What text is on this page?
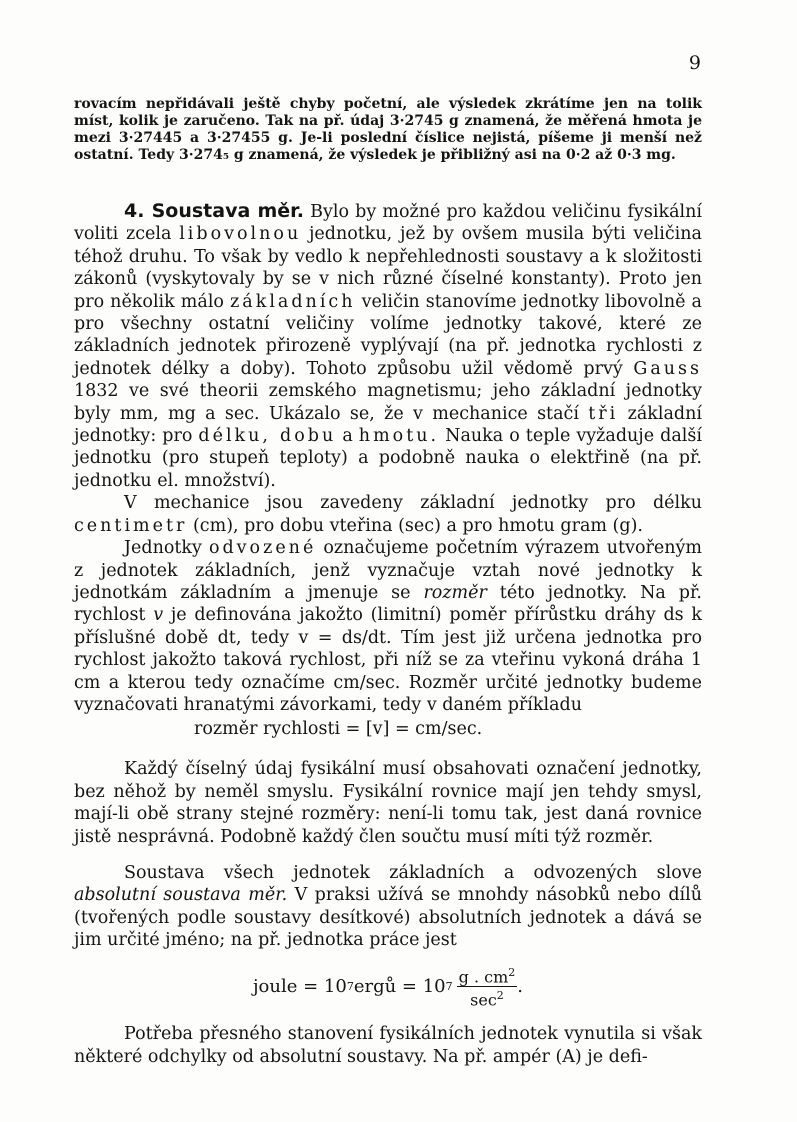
9

rovacím nepřidávali ještě chyby početní, ale výsledek zkrátíme jen na tolik míst, kolik je zaručeno. Tak na př. údaj 3·2745 g znamená, že měřená hmota je mezi 3·27445 a 3·27455 g. Je-li poslední číslice nejistá, píšeme ji menší než ostatní. Tedy 3·274₅ g znamená, že výsledek je přibližný asi na 0·2 až 0·3 mg.

4. Soustava měr. Bylo by možné pro každou veličinu fysikální voliti zcela libovolnou jednotku, jež by ovšem musila býti veličina téhož druhu. To však by vedlo k nepřehlednosti soustavy a k složitosti zákonů (vyskytovaly by se v nich různé číselné konstanty). Proto jen pro několik málo základních veličin stanovíme jednotky libovolně a pro všechny ostatní veličiny volíme jednotky takové, které ze základních jednotek přirozeně vyplývají (na př. jednotka rychlosti z jednotek délky a doby). Tohoto způsobu užil vědomě prvý Gauss 1832 ve své theorii zemského magnetismu; jeho základní jednotky byly mm, mg a sec. Ukázalo se, že v mechanice stačí tři základní jednotky: pro délku, dobu a hmotu. Nauka o teple vyžaduje další jednotku (pro stupeň teploty) a podobně nauka o elektřině (na př. jednotku el. množství).

V mechanice jsou zavedeny základní jednotky pro délku centimetr (cm), pro dobu vteřina (sec) a pro hmotu gram (g).

Jednotky odvozené označujeme početním výrazem utvořeným z jednotek základních, jenž vyznačuje vztah nové jednotky k jednotkám základním a jmenuje se rozměr této jednotky. Na př. rychlost v je definována jakožto (limitní) poměr přírůstku dráhy ds k příslušné době dt, tedy v = ds/dt. Tím jest již určena jednotka pro rychlost jakožto taková rychlost, při níž se za vteřinu vykoná dráha 1 cm a kterou tedy označíme cm/sec. Rozměr určité jednotky budeme vyznačovati hranatými závorkami, tedy v daném příkladu

rozměr rychlosti = [v] = cm/sec.

Každý číselný údaj fysikální musí obsahovati označení jednotky, bez něhož by neměl smyslu. Fysikální rovnice mají jen tehdy smysl, mají-li obě strany stejné rozměry: není-li tomu tak, jest daná rovnice jistě nesprávná. Podobně každý člen součtu musí míti týž rozměr.

Soustava všech jednotek základních a odvozených slove absolutní soustava měr. V praksi užívá se mnohdy násobků nebo dílů (tvořených podle soustavy desítkové) absolutních jednotek a dává se jim určité jméno; na př. jednotka práce jest

joule = 10 7 ergů = 10 $7 \frac{g . cm^2}{\sec^2}$ .

Potřeba přesného stanovení fysikálních jednotek vynutila si však některé odchylky od absolutní soustavy. Na př. ampér (A) je defi-
